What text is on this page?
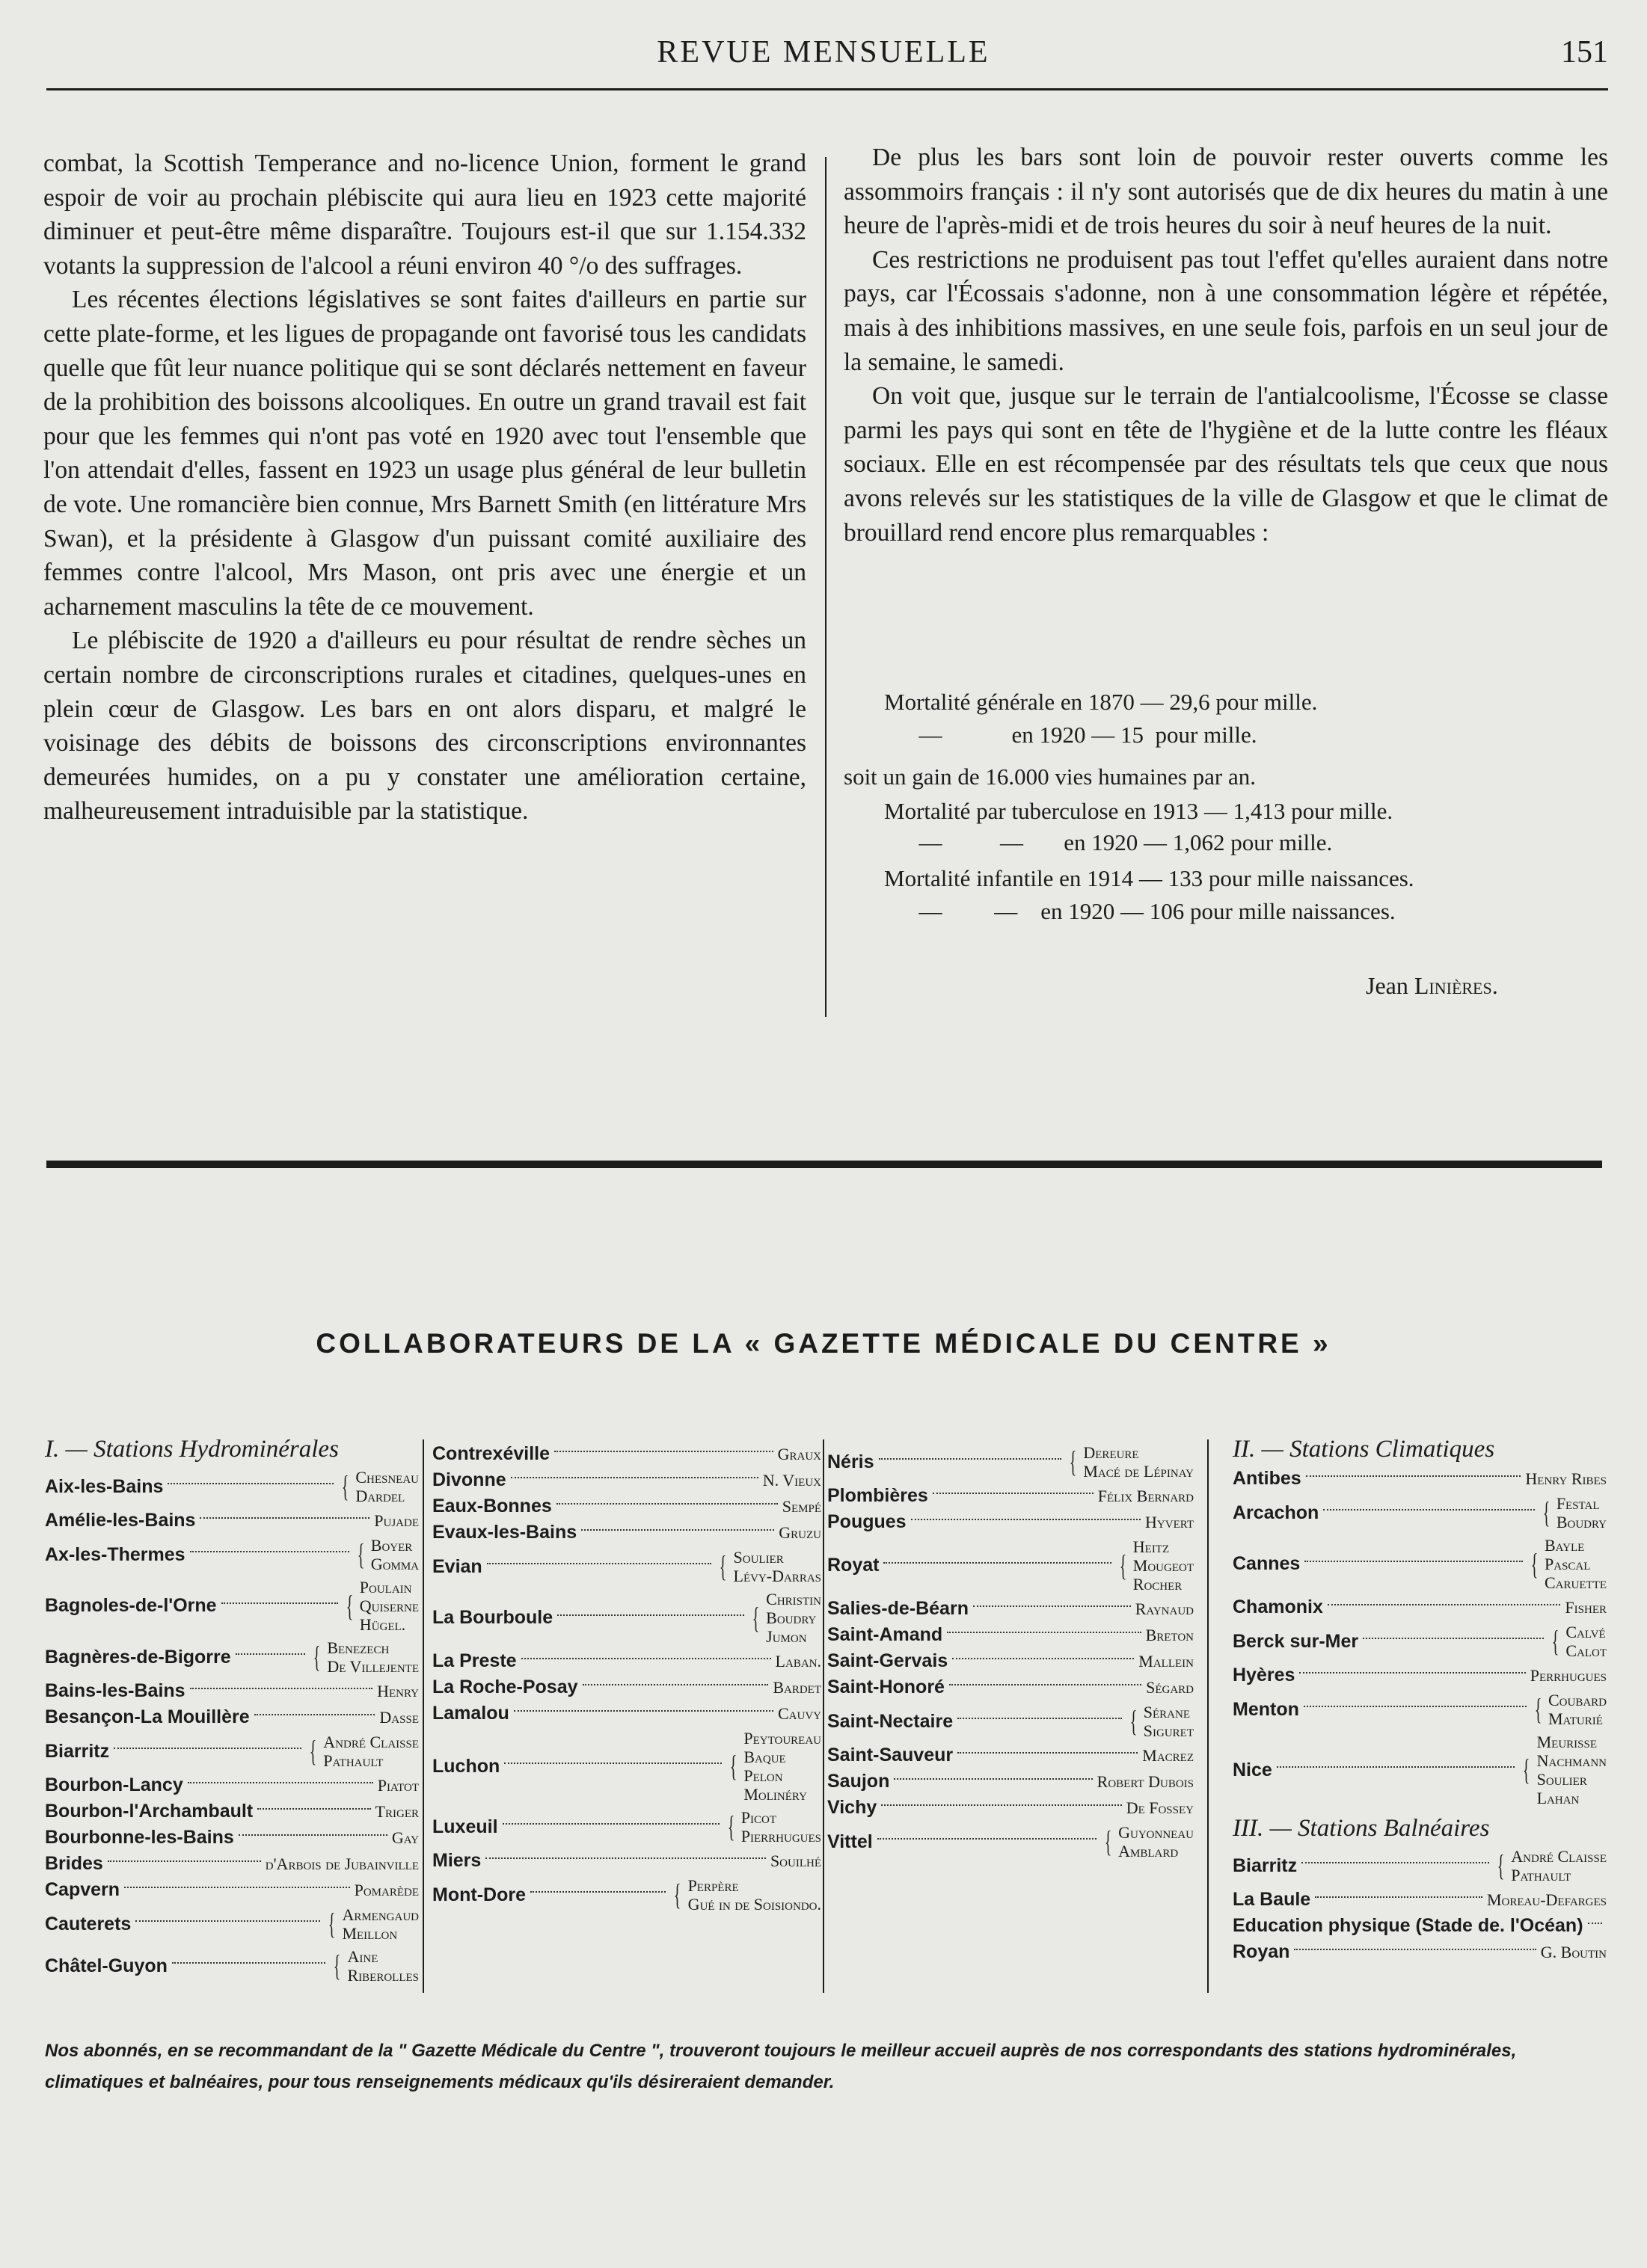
REVUE MENSUELLE	151

combat, la Scottish Temperance and no-licence Union, forment le grand espoir de voir au prochain plébiscite qui aura lieu en 1923 cette majorité diminuer et peut-être même disparaître. Toujours est-il que sur 1.154.332 votants la suppression de l'alcool a réuni environ 40 °/o des suffrages.

Les récentes élections législatives se sont faites d'ailleurs en partie sur cette plate-forme, et les ligues de propagande ont favorisé tous les candidats quelle que fût leur nuance politique qui se sont déclarés nettement en faveur de la prohibition des boissons alcooliques. En outre un grand travail est fait pour que les femmes qui n'ont pas voté en 1920 avec tout l'ensemble que l'on attendait d'elles, fassent en 1923 un usage plus général de leur bulletin de vote. Une romancière bien connue, Mrs Barnett Smith (en littérature Mrs Swan), et la présidente à Glasgow d'un puissant comité auxiliaire des femmes contre l'alcool, Mrs Mason, ont pris avec une énergie et un acharnement masculins la tête de ce mouvement.

Le plébiscite de 1920 a d'ailleurs eu pour résultat de rendre sèches un certain nombre de circonscriptions rurales et citadines, quelques-unes en plein cœur de Glasgow. Les bars en ont alors disparu, et malgré le voisinage des débits de boissons des circonscriptions environnantes demeurées humides, on a pu y constater une amélioration certaine, malheureusement intraduisible par la statistique.

De plus les bars sont loin de pouvoir rester ouverts comme les assommoirs français : il n'y sont autorisés que de dix heures du matin à une heure de l'après-midi et de trois heures du soir à neuf heures de la nuit.

Ces restrictions ne produisent pas tout l'effet qu'elles auraient dans notre pays, car l'Écossais s'adonne, non à une consommation légère et répétée, mais à des inhibitions massives, en une seule fois, parfois en un seul jour de la semaine, le samedi.

On voit que, jusque sur le terrain de l'antialcoolisme, l'Écosse se classe parmi les pays qui sont en tête de l'hygiène et de la lutte contre les fléaux sociaux. Elle en est récompensée par des résultats tels que ceux que nous avons relevés sur les statistiques de la ville de Glasgow et que le climat de brouillard rend encore plus remarquables :

Mortalité générale en 1870 — 29,6 pour mille.
—            en 1920 — 15  pour mille.
soit un gain de 16.000 vies humaines par an.
Mortalité par tuberculose en 1913 — 1,413 pour mille.
—          —       en 1920 — 1,062 pour mille.
Mortalité infantile en 1914 — 133 pour mille naissances.
—         —    en 1920 — 106 pour mille naissances.
Jean Linières.
COLLABORATEURS DE LA « GAZETTE MÉDICALE DU CENTRE »
I. — Stations Hydrominérales
Aix-les-Bains	{ Chesneau
Dardel
Amélie-les-Bains	Pujade
Ax-les-Thermes	{ Boyer
Gomma
Bagnoles-de-l'Orne	{
Poulain
Quiserne
Hügel.
Bagnères-de-Bigorre	{ Benezech
De Villejente
Bains-les-Bains	Henry
Besançon-La Mouillère	Dasse
Biarritz	{ André Claisse
Pathault
Bourbon-Lancy	Piatot
Bourbon-l'Archambault	Triger
Bourbonne-les-Bains	Gay
Brides	d'Arbois de Jubainville
Capvern	Pomarède
Cauterets	{ Armengaud
Meillon
Châtel-Guyon	{ Aine
Riberolles
Contrexéville	Graux
Divonne	N. Vieux
Eaux-Bonnes	Sempé
Evaux-les-Bains	Gruzu
Evian	{ Soulier
Lévy-Darras
La Bourboule	{
Christin
Boudry
Jumon
La Preste	Laban.
La Roche-Posay	Bardet
Lamalou	Cauvy
Luchon	{
Peytoureau
Baque
Pelon
Molinéry
Luxeuil	{ Picot
Pierrhugues
Miers	Souilhé
Mont-Dore	{ Perpère
Gué in de Soisiondo.
Néris	{ Dereure
Macé de Lépinay
Plombières	Félix Bernard
Pougues	Hyvert
Royat	{
Heitz
Mougeot
Rocher
Salies-de-Béarn	Raynaud
Saint-Amand	Breton
Saint-Gervais	Mallein
Saint-Honoré	Ségard
Saint-Nectaire	{ Sérane
Siguret
Saint-Sauveur	Macrez
Saujon	Robert Dubois
Vichy	De Fossey
Vittel	{ Guyonneau
Amblard
II. — Stations Climatiques
Antibes	Henry Ribes
Arcachon	{ Festal
Boudry
Cannes	{
Bayle
Pascal
Caruette
Chamonix	Fisher
Berck sur-Mer	{ Calvé
Calot
Hyères	Perrhugues
Menton	{ Coubard
Maturié
Nice	{
Meurisse
Nachmann
Soulier
Lahan
III. — Stations Balnéaires
Biarritz	{ André Claisse
Pathault
La Baule	Moreau-Defarges
Education physique (Stade de. l'Océan)
Royan	G. Boutin
Nos abonnés, en se recommandant de la " Gazette Médicale du Centre ", trouveront toujours le meilleur accueil auprès de nos correspondants des stations hydrominérales, climatiques et balnéaires, pour tous renseignements médicaux qu'ils désireraient demander.
